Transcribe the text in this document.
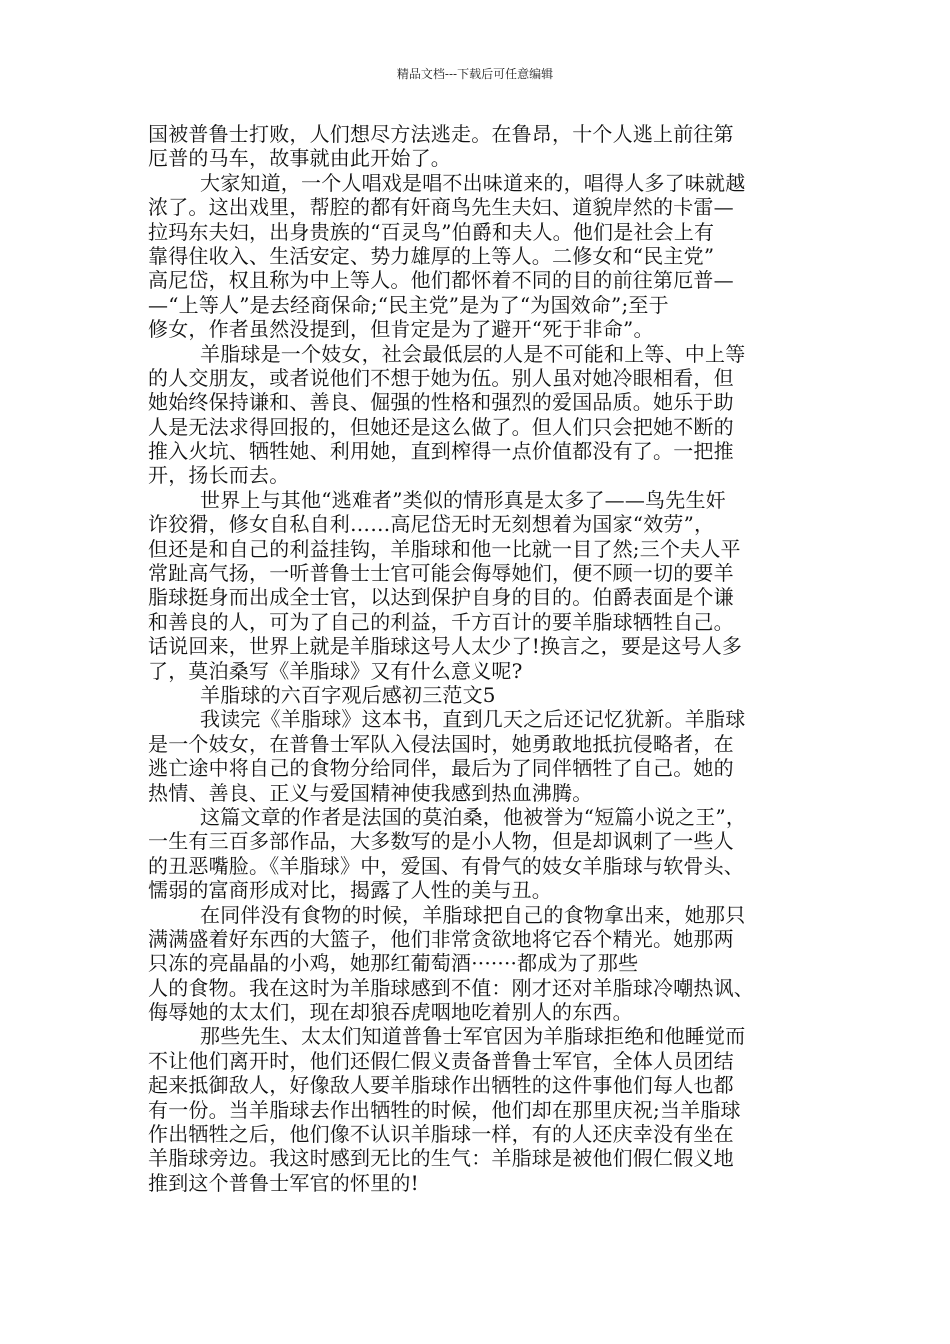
精品文档---下载后可任意编辑
国被普鲁士打败，人们想尽方法逃走。在鲁昂，十个人逃上前往第
厄普的马车，故事就由此开始了。
大家知道，一个人唱戏是唱不出味道来的，唱得人多了味就越
浓了。这出戏里，帮腔的都有奸商鸟先生夫妇、道貌岸然的卡雷—
拉玛东夫妇，出身贵族的“百灵鸟”伯爵和夫人。他们是社会上有
靠得住收入、生活安定、势力雄厚的上等人。二修女和“民主党”
高尼岱，权且称为中上等人。他们都怀着不同的目的前往第厄普—
—“上等人”是去经商保命;“民主党”是为了“为国效命”;至于
修女，作者虽然没提到，但肯定是为了避开“死于非命”。
羊脂球是一个妓女，社会最低层的人是不可能和上等、中上等
的人交朋友，或者说他们不想于她为伍。别人虽对她冷眼相看，但
她始终保持谦和、善良、倔强的性格和强烈的爱国品质。她乐于助
人是无法求得回报的，但她还是这么做了。但人们只会把她不断的
推入火坑、牺牲她、利用她，直到榨得一点价值都没有了。一把推
开，扬长而去。
世界上与其他“逃难者”类似的情形真是太多了——鸟先生奸
诈狡猾，修女自私自利……高尼岱无时无刻想着为国家“效劳”，
但还是和自己的利益挂钩，羊脂球和他一比就一目了然;三个夫人平
常趾高气扬，一听普鲁士士官可能会侮辱她们，便不顾一切的要羊
脂球挺身而出成全士官，以达到保护自身的目的。伯爵表面是个谦
和善良的人，可为了自己的利益，千方百计的要羊脂球牺牲自己。
话说回来，世界上就是羊脂球这号人太少了!换言之，要是这号人多
了，莫泊桑写《羊脂球》又有什么意义呢?
羊脂球的六百字观后感初三范文5
我读完《羊脂球》这本书，直到几天之后还记忆犹新。羊脂球
是一个妓女，在普鲁士军队入侵法国时，她勇敢地抵抗侵略者，在
逃亡途中将自己的食物分给同伴，最后为了同伴牺牲了自己。她的
热情、善良、正义与爱国精神使我感到热血沸腾。
这篇文章的作者是法国的莫泊桑，他被誉为“短篇小说之王”，
一生有三百多部作品，大多数写的是小人物，但是却讽刺了一些人
的丑恶嘴脸。《羊脂球》中，爱国、有骨气的妓女羊脂球与软骨头、
懦弱的富商形成对比，揭露了人性的美与丑。
在同伴没有食物的时候，羊脂球把自己的食物拿出来，她那只
满满盛着好东西的大篮子，他们非常贪欲地将它吞个精光。她那两
只冻的亮晶晶的小鸡，她那红葡萄酒·······都成为了那些
人的食物。我在这时为羊脂球感到不值：刚才还对羊脂球冷嘲热讽、
侮辱她的太太们，现在却狼吞虎咽地吃着别人的东西。
那些先生、太太们知道普鲁士军官因为羊脂球拒绝和他睡觉而
不让他们离开时，他们还假仁假义责备普鲁士军官，全体人员团结
起来抵御敌人，好像敌人要羊脂球作出牺牲的这件事他们每人也都
有一份。当羊脂球去作出牺牲的时候，他们却在那里庆祝;当羊脂球
作出牺牲之后，他们像不认识羊脂球一样，有的人还庆幸没有坐在
羊脂球旁边。我这时感到无比的生气：羊脂球是被他们假仁假义地
推到这个普鲁士军官的怀里的!
